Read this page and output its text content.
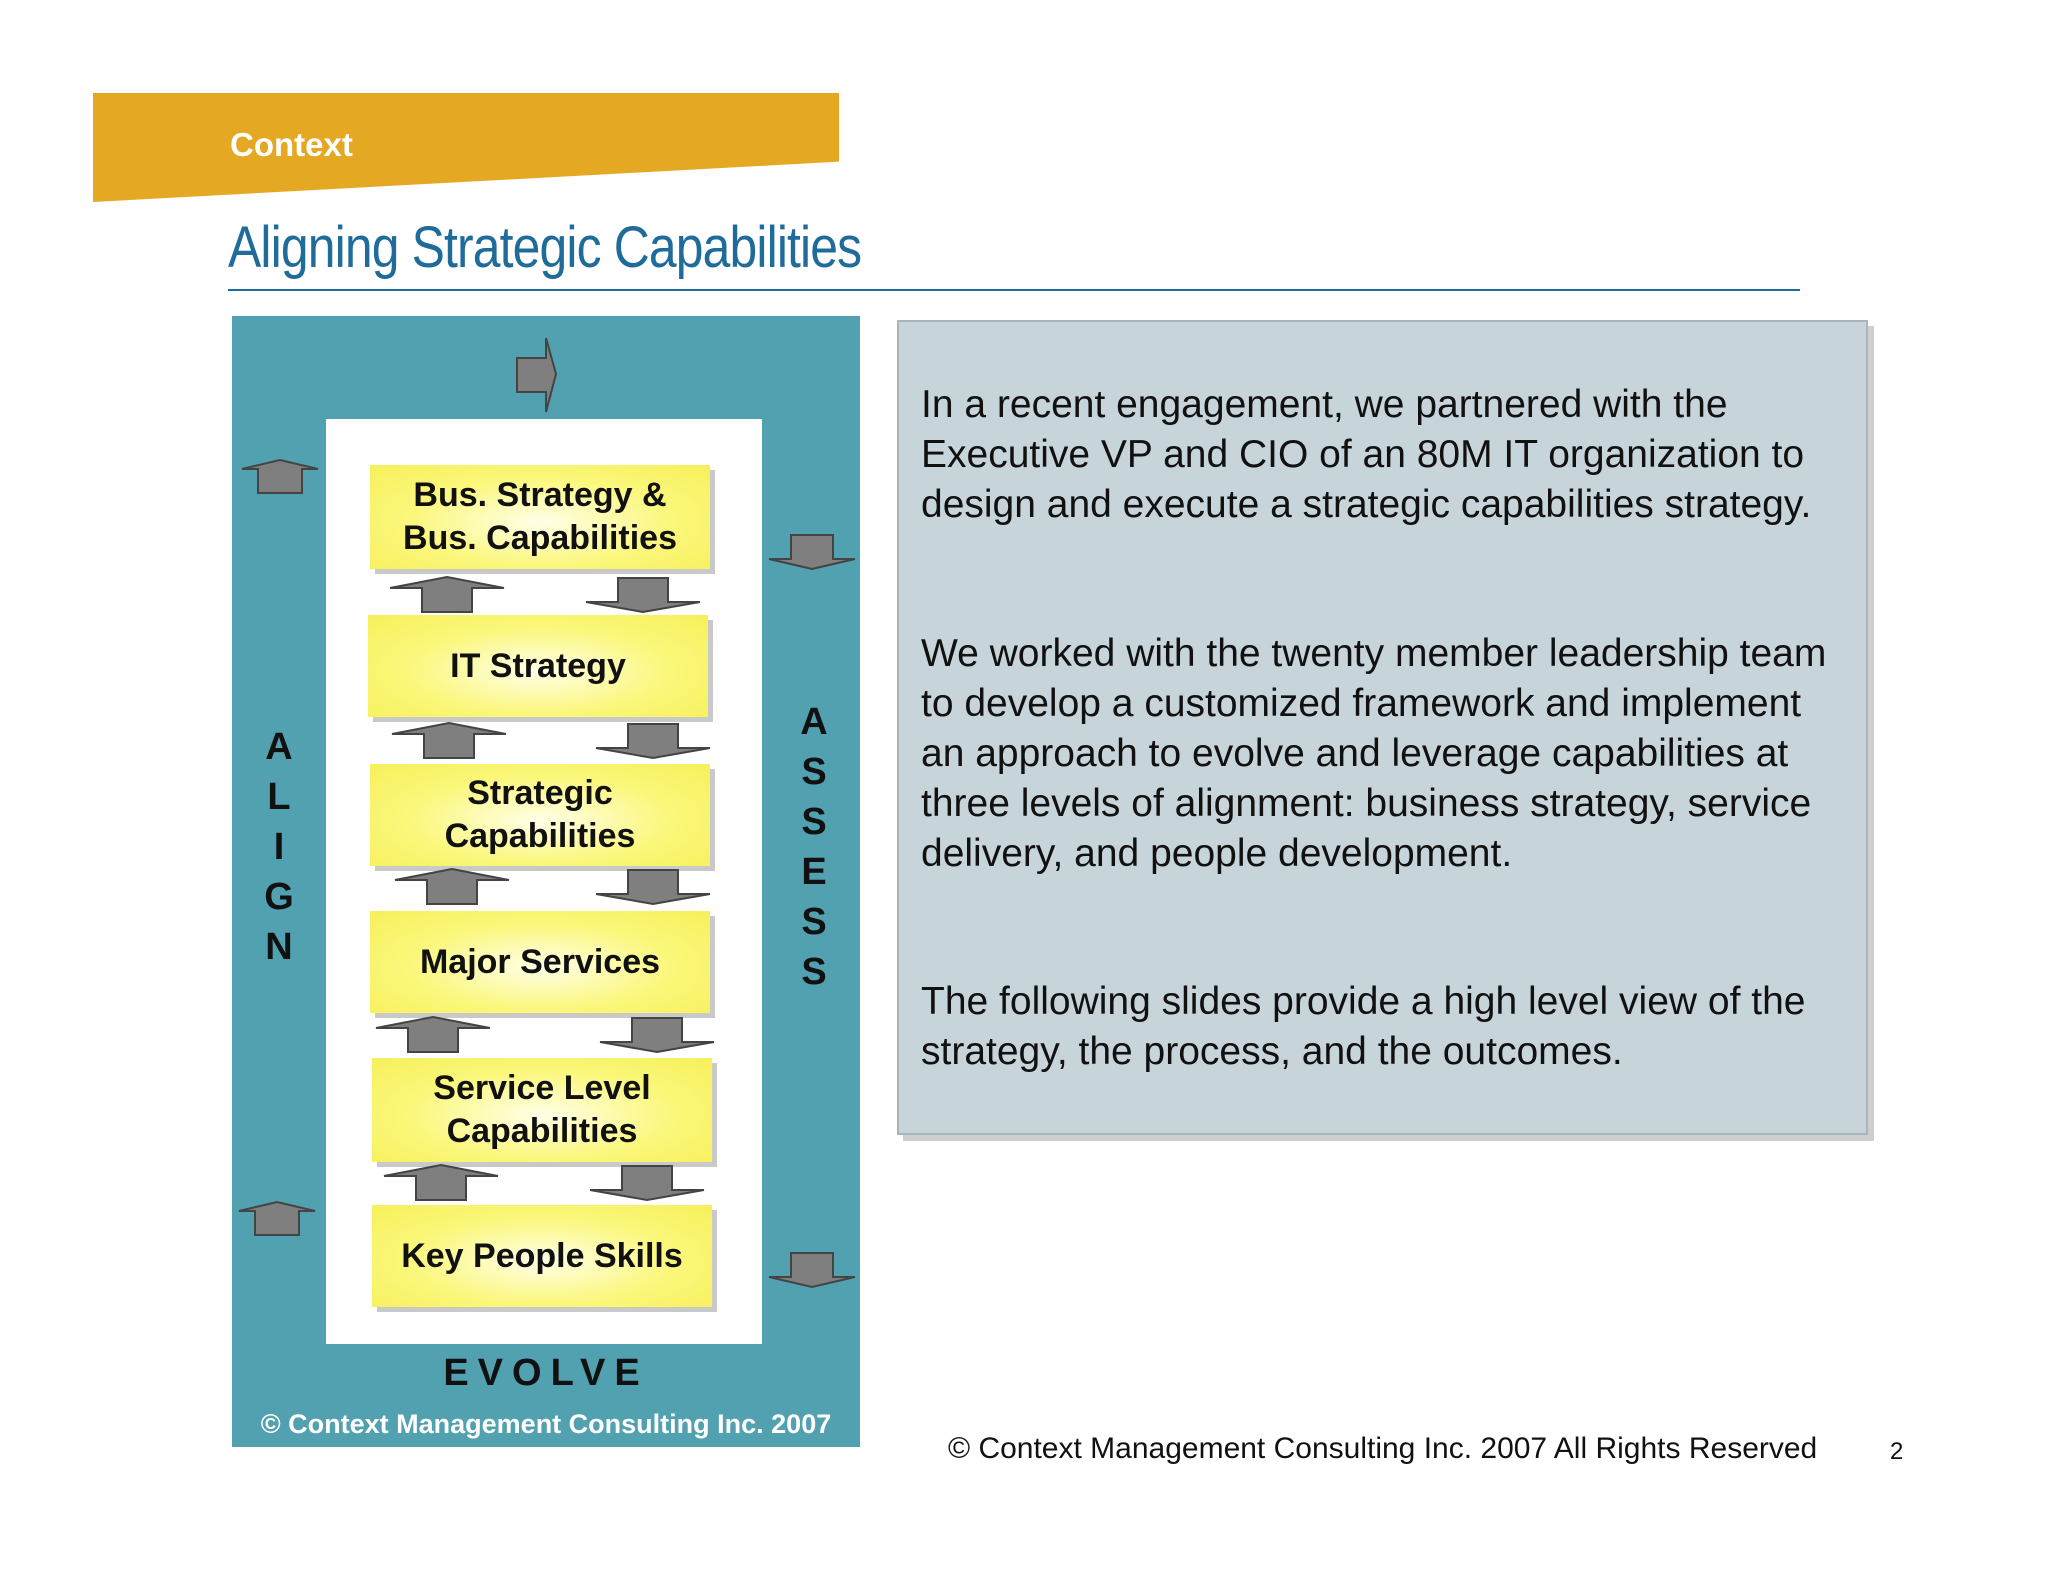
Context
Aligning Strategic Capabilities
A
L
I
G
N
A
S
S
E
S
S
Bus. Strategy &
Bus. Capabilities
IT Strategy
Strategic
Capabilities
Major Services
Service Level
Capabilities
Key People Skills
EVOLVE
© Context Management Consulting Inc. 2007
In a recent engagement, we partnered with the Executive VP and CIO of an 80M IT organization to design and execute a strategic capabilities strategy.
We worked with the twenty member leadership team to develop a customized framework and implement an approach to evolve and leverage capabilities at three levels of alignment: business strategy, service delivery, and people development.
The following slides provide a high level view of the strategy, the process, and the outcomes.
© Context Management Consulting Inc. 2007 All Rights Reserved	2
